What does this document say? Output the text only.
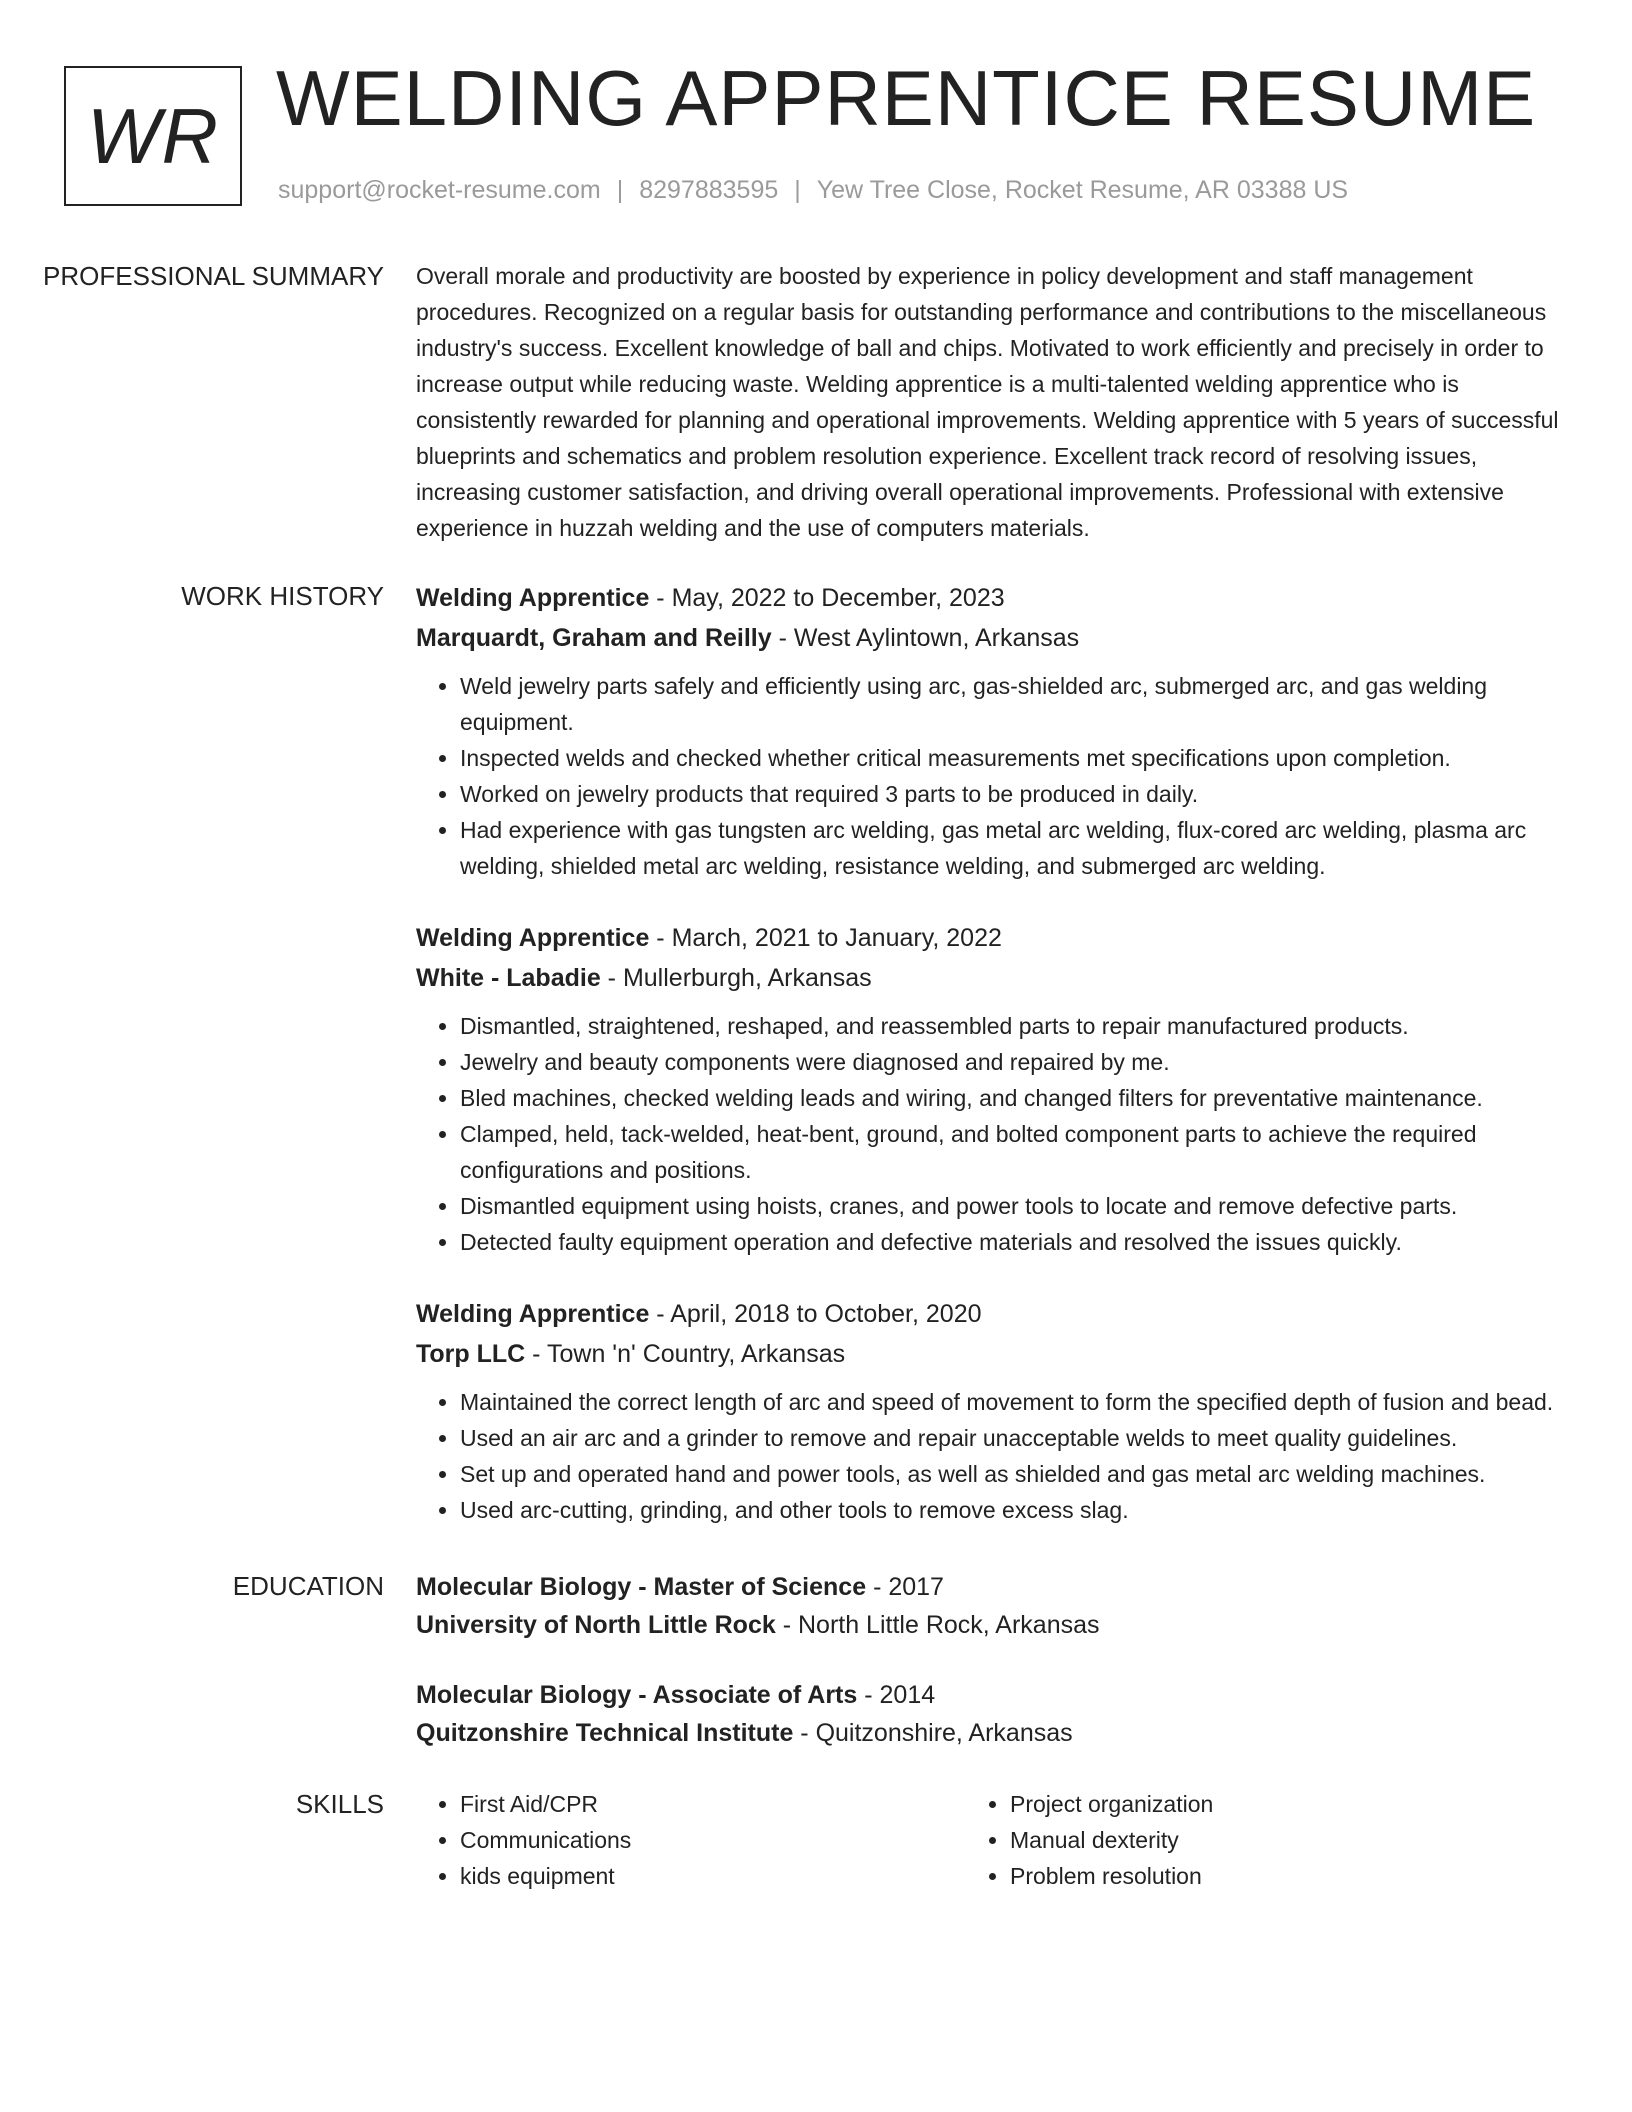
WR WELDING APPRENTICE RESUME
support@rocket-resume.com | 8297883595 | Yew Tree Close, Rocket Resume, AR 03388 US
PROFESSIONAL SUMMARY	Overall morale and productivity are boosted by experience in policy development and staff management procedures. Recognized on a regular basis for outstanding performance and contributions to the miscellaneous industry's success. Excellent knowledge of ball and chips. Motivated to work efficiently and precisely in order to increase output while reducing waste. Welding apprentice is a multi-talented welding apprentice who is consistently rewarded for planning and operational improvements. Welding apprentice with 5 years of successful blueprints and schematics and problem resolution experience. Excellent track record of resolving issues, increasing customer satisfaction, and driving overall operational improvements. Professional with extensive experience in huzzah welding and the use of computers materials.

WORK HISTORY	Welding Apprentice - May, 2022 to December, 2023
Marquardt, Graham and Reilly - West Aylintown, Arkansas
• Weld jewelry parts safely and efficiently using arc, gas-shielded arc, submerged arc, and gas welding equipment.
• Inspected welds and checked whether critical measurements met specifications upon completion.
• Worked on jewelry products that required 3 parts to be produced in daily.
• Had experience with gas tungsten arc welding, gas metal arc welding, flux-cored arc welding, plasma arc welding, shielded metal arc welding, resistance welding, and submerged arc welding.
Welding Apprentice - March, 2021 to January, 2022
White - Labadie - Mullerburgh, Arkansas
• Dismantled, straightened, reshaped, and reassembled parts to repair manufactured products.
• Jewelry and beauty components were diagnosed and repaired by me.
• Bled machines, checked welding leads and wiring, and changed filters for preventative maintenance.
• Clamped, held, tack-welded, heat-bent, ground, and bolted component parts to achieve the required configurations and positions.
• Dismantled equipment using hoists, cranes, and power tools to locate and remove defective parts.
• Detected faulty equipment operation and defective materials and resolved the issues quickly.
Welding Apprentice - April, 2018 to October, 2020
Torp LLC - Town 'n' Country, Arkansas
• Maintained the correct length of arc and speed of movement to form the specified depth of fusion and bead.
• Used an air arc and a grinder to remove and repair unacceptable welds to meet quality guidelines.
• Set up and operated hand and power tools, as well as shielded and gas metal arc welding machines.
• Used arc-cutting, grinding, and other tools to remove excess slag.
EDUCATION	Molecular Biology - Master of Science - 2017
University of North Little Rock - North Little Rock, Arkansas
Molecular Biology - Associate of Arts - 2014
Quitzonshire Technical Institute - Quitzonshire, Arkansas
SKILLS
•	First Aid/CPR
• Communications
• kids equipment
• Project organization
• Manual dexterity
• Problem resolution
